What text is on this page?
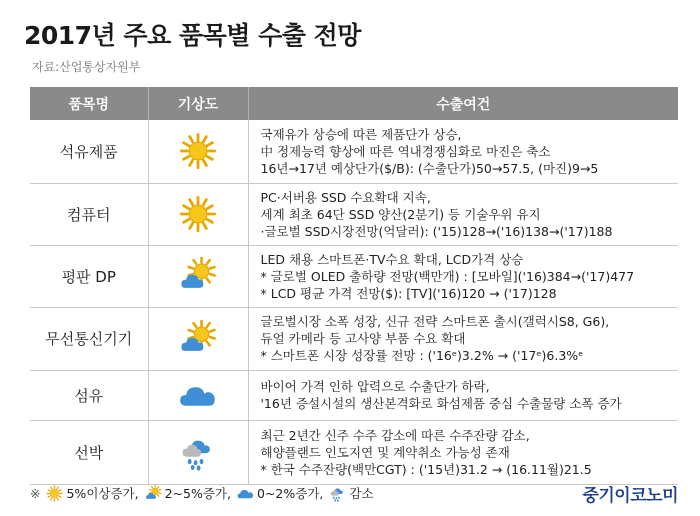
2017년 주요 품목별 수출 전망
자료:산업통상자원부
품목명	기상도	수출여건
석유제품		국제유가 상승에 따른 제품단가 상승,
中 정제능력 향상에 따른 역내경쟁심화로 마진은 축소
16년→17년 예상단가($/B): (수출단가)50→57.5, (마진)9→5

컴퓨터		PC·서버용 SSD 수요확대 지속,
세계 최초 64단 SSD 양산(2분기) 등 기술우위 유지
·글로벌 SSD시장전망(억달러): ('15)128→('16)138→('17)188

평판 DP		LED 채용 스마트폰·TV수요 확대, LCD가격 상승
* 글로벌 OLED 출하량 전망(백만개) : [모바일]('16)384→('17)477
* LCD 평균 가격 전망($): [TV]('16)120 → ('17)128

무선통신기기		글로벌시장 소폭 성장, 신규 전략 스마트폰 출시(갤럭시S8, G6),
듀얼 카메라 등 고사양 부품 수요 확대
* 스마트폰 시장 성장률 전망 : ('16ᵉ)3.2% → ('17ᵉ)6.3%ᵉ

섬유		바이어 가격 인하 압력으로 수출단가 하락,
'16년 증설시설의 생산본격화로 화섬제품 중심 수출물량 소폭 증가

선박		최근 2년간 신주 수주 감소에 따른 수주잔량 감소,
해양플랜드 인도지연 및 계약취소 가능성 존재
* 한국 수주잔량(백만CGT) : ('15년)31.2 → (16.11월)21.5
※ 5%이상증가, 2~5%증가, 0~2%증가, 감소	중기이코노미
